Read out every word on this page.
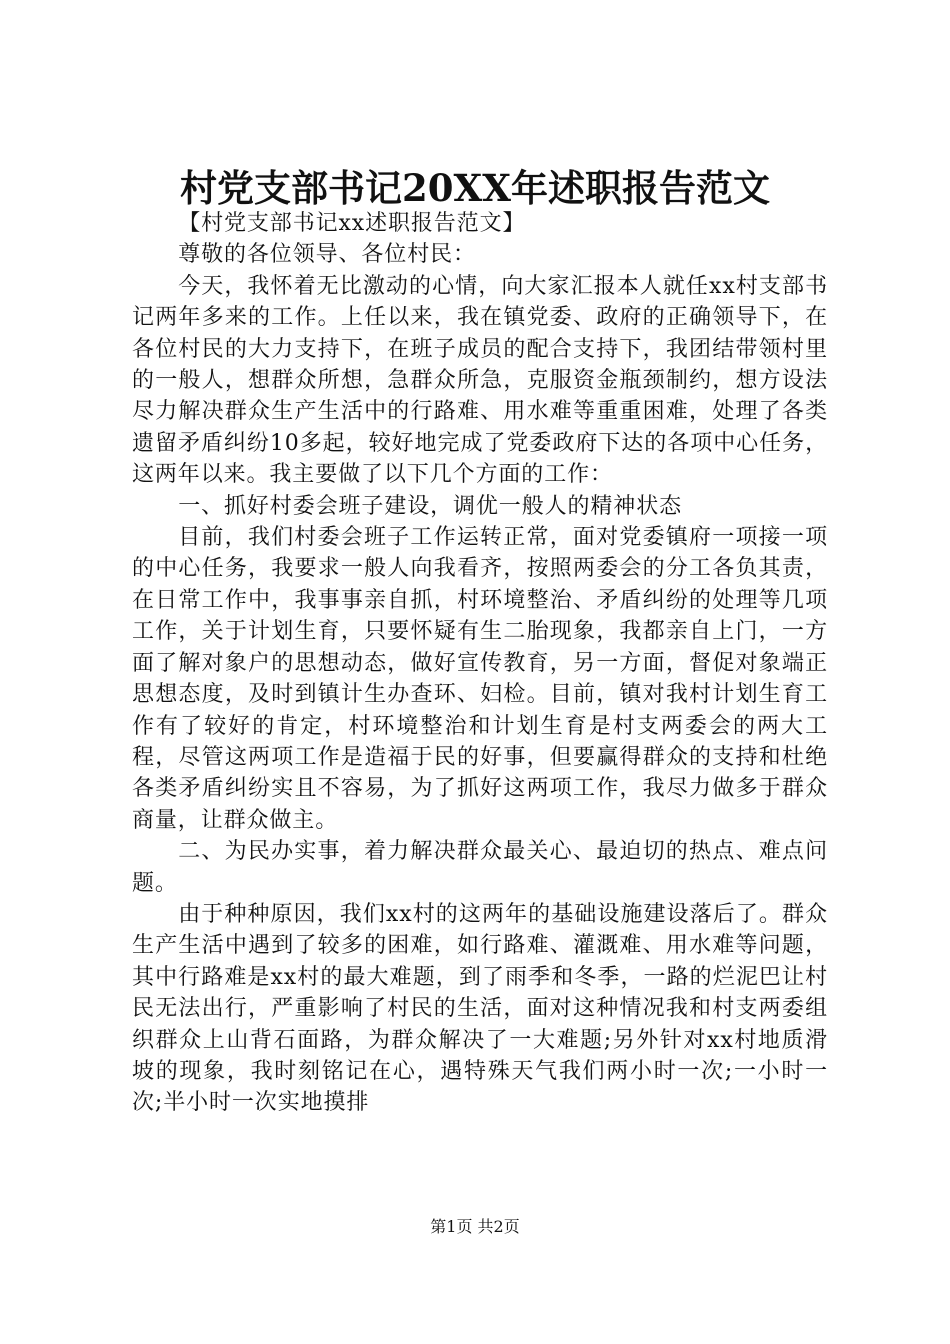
村党支部书记20XX年述职报告范文

【村党支部书记xx述职报告范文】

尊敬的各位领导、各位村民：

今天，我怀着无比激动的心情，向大家汇报本人就任xx村支部书记两年多来的工作。上任以来，我在镇党委、政府的正确领导下，在各位村民的大力支持下，在班子成员的配合支持下，我团结带领村里的一般人，想群众所想，急群众所急，克服资金瓶颈制约，想方设法尽力解决群众生产生活中的行路难、用水难等重重困难，处理了各类遗留矛盾纠纷10多起，较好地完成了党委政府下达的各项中心任务，这两年以来。我主要做了以下几个方面的工作：

一、抓好村委会班子建设，调优一般人的精神状态

目前，我们村委会班子工作运转正常，面对党委镇府一项接一项的中心任务，我要求一般人向我看齐，按照两委会的分工各负其责，在日常工作中，我事事亲自抓，村环境整治、矛盾纠纷的处理等几项工作，关于计划生育，只要怀疑有生二胎现象，我都亲自上门，一方面了解对象户的思想动态，做好宣传教育，另一方面，督促对象端正思想态度，及时到镇计生办查环、妇检。目前，镇对我村计划生育工作有了较好的肯定，村环境整治和计划生育是村支两委会的两大工程，尽管这两项工作是造福于民的好事，但要赢得群众的支持和杜绝各类矛盾纠纷实且不容易，为了抓好这两项工作，我尽力做多于群众商量，让群众做主。

二、为民办实事，着力解决群众最关心、最迫切的热点、难点问题。

由于种种原因，我们xx村的这两年的基础设施建设落后了。群众生产生活中遇到了较多的困难，如行路难、灌溉难、用水难等问题，其中行路难是xx村的最大难题，到了雨季和冬季，一路的烂泥巴让村民无法出行，严重影响了村民的生活，面对这种情况我和村支两委组织群众上山背石面路，为群众解决了一大难题;另外针对xx村地质滑坡的现象，我时刻铭记在心，遇特殊天气我们两小时一次;一小时一次;半小时一次实地摸排

第1页 共2页
